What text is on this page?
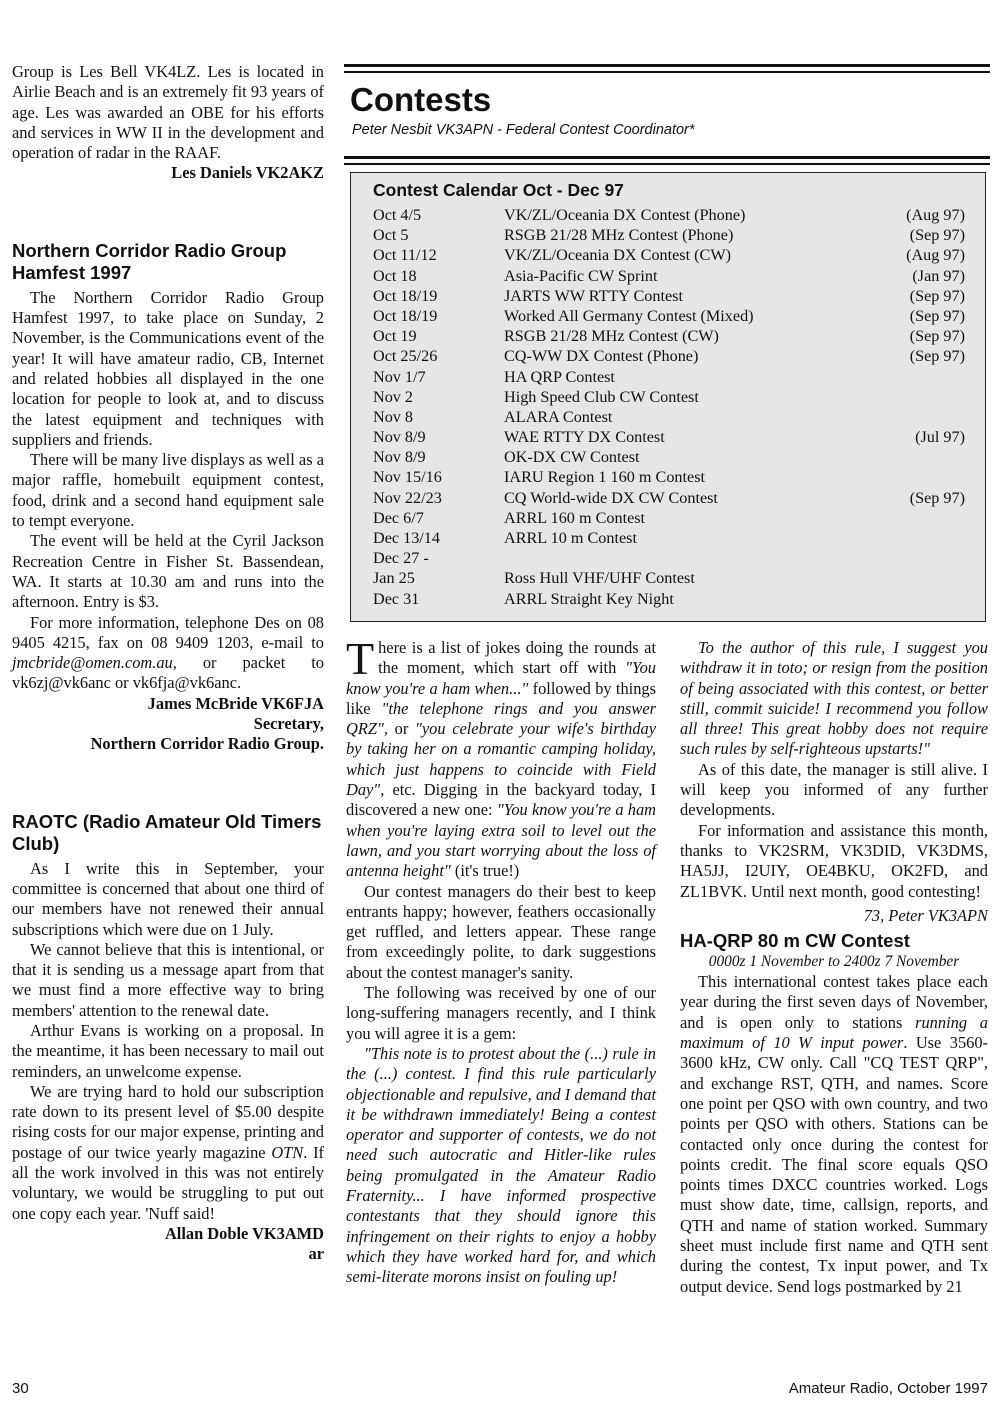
Group is Les Bell VK4LZ. Les is located in Airlie Beach and is an extremely fit 93 years of age. Les was awarded an OBE for his efforts and services in WW II in the development and operation of radar in the RAAF.

Les Daniels VK2AKZ
Northern Corridor Radio Group Hamfest 1997

The Northern Corridor Radio Group Hamfest 1997, to take place on Sunday, 2 November, is the Communications event of the year! It will have amateur radio, CB, Internet and related hobbies all displayed in the one location for people to look at, and to discuss the latest equipment and techniques with suppliers and friends.

There will be many live displays as well as a major raffle, homebuilt equipment contest, food, drink and a second hand equipment sale to tempt everyone.

The event will be held at the Cyril Jackson Recreation Centre in Fisher St. Bassendean, WA. It starts at 10.30 am and runs into the afternoon. Entry is $3.

For more information, telephone Des on 08 9405 4215, fax on 08 9409 1203, e-mail to jmcbride@omen.com.au, or packet to vk6zj@vk6anc or vk6fja@vk6anc.

James McBride VK6FJA
Secretary,
Northern Corridor Radio Group.
RAOTC (Radio Amateur Old Timers Club)

As I write this in September, your committee is concerned that about one third of our members have not renewed their annual subscriptions which were due on 1 July.

We cannot believe that this is intentional, or that it is sending us a message apart from that we must find a more effective way to bring members' attention to the renewal date.

Arthur Evans is working on a proposal. In the meantime, it has been necessary to mail out reminders, an unwelcome expense.

We are trying hard to hold our subscription rate down to its present level of $5.00 despite rising costs for our major expense, printing and postage of our twice yearly magazine OTN. If all the work involved in this was not entirely voluntary, we would be struggling to put out one copy each year. 'Nuff said!

Allan Doble VK3AMD
ar
Contests
Peter Nesbit VK3APN - Federal Contest Coordinator*
Contest Calendar Oct - Dec 97
Oct 4/5	VK/ZL/Oceania DX Contest (Phone)	(Aug 97)
Oct 5	RSGB 21/28 MHz Contest (Phone)	(Sep 97)
Oct 11/12	VK/ZL/Oceania DX Contest (CW)	(Aug 97)
Oct 18	Asia-Pacific CW Sprint	(Jan 97)
Oct 18/19	JARTS WW RTTY Contest	(Sep 97)
Oct 18/19	Worked All Germany Contest (Mixed)	(Sep 97)
Oct 19	RSGB 21/28 MHz Contest (CW)	(Sep 97)
Oct 25/26	CQ-WW DX Contest (Phone)	(Sep 97)
Nov 1/7	HA QRP Contest
Nov 2	High Speed Club CW Contest
Nov 8	ALARA Contest
Nov 8/9	WAE RTTY DX Contest	(Jul 97)
Nov 8/9	OK-DX CW Contest
Nov 15/16	IARU Region 1 160 m Contest
Nov 22/23	CQ World-wide DX CW Contest	(Sep 97)
Dec 6/7	ARRL 160 m Contest
Dec 13/14	ARRL 10 m Contest
Dec 27 -
Jan 25	Ross Hull VHF/UHF Contest
Dec 31	ARRL Straight Key Night

There is a list of jokes doing the rounds at the moment, which start off with "You know you're a ham when..." followed by things like "the telephone rings and you answer QRZ", or "you celebrate your wife's birthday by taking her on a romantic camping holiday, which just happens to coincide with Field Day", etc. Digging in the backyard today, I discovered a new one: "You know you're a ham when you're laying extra soil to level out the lawn, and you start worrying about the loss of antenna height" (it's true!)

Our contest managers do their best to keep entrants happy; however, feathers occasionally get ruffled, and letters appear. These range from exceedingly polite, to dark suggestions about the contest manager's sanity.

The following was received by one of our long-suffering managers recently, and I think you will agree it is a gem:

"This note is to protest about the (...) rule in the (...) contest. I find this rule particularly objectionable and repulsive, and I demand that it be withdrawn immediately! Being a contest operator and supporter of contests, we do not need such autocratic and Hitler-like rules being promulgated in the Amateur Radio Fraternity... I have informed prospective contestants that they should ignore this infringement on their rights to enjoy a hobby which they have worked hard for, and which semi-literate morons insist on fouling up!

To the author of this rule, I suggest you withdraw it in toto; or resign from the position of being associated with this contest, or better still, commit suicide! I recommend you follow all three! This great hobby does not require such rules by self-righteous upstarts!"

As of this date, the manager is still alive. I will keep you informed of any further developments.

For information and assistance this month, thanks to VK2SRM, VK3DID, VK3DMS, HA5JJ, I2UIY, OE4BKU, OK2FD, and ZL1BVK. Until next month, good contesting!

73, Peter VK3APN
HA-QRP 80 m CW Contest
0000z 1 November to 2400z 7 November

This international contest takes place each year during the first seven days of November, and is open only to stations running a maximum of 10 W input power. Use 3560-3600 kHz, CW only. Call "CQ TEST QRP", and exchange RST, QTH, and names. Score one point per QSO with own country, and two points per QSO with others. Stations can be contacted only once during the contest for points credit. The final score equals QSO points times DXCC countries worked. Logs must show date, time, callsign, reports, and QTH and name of station worked. Summary sheet must include first name and QTH sent during the contest, Tx input power, and Tx output device. Send logs postmarked by 21

30	Amateur Radio, October 1997
